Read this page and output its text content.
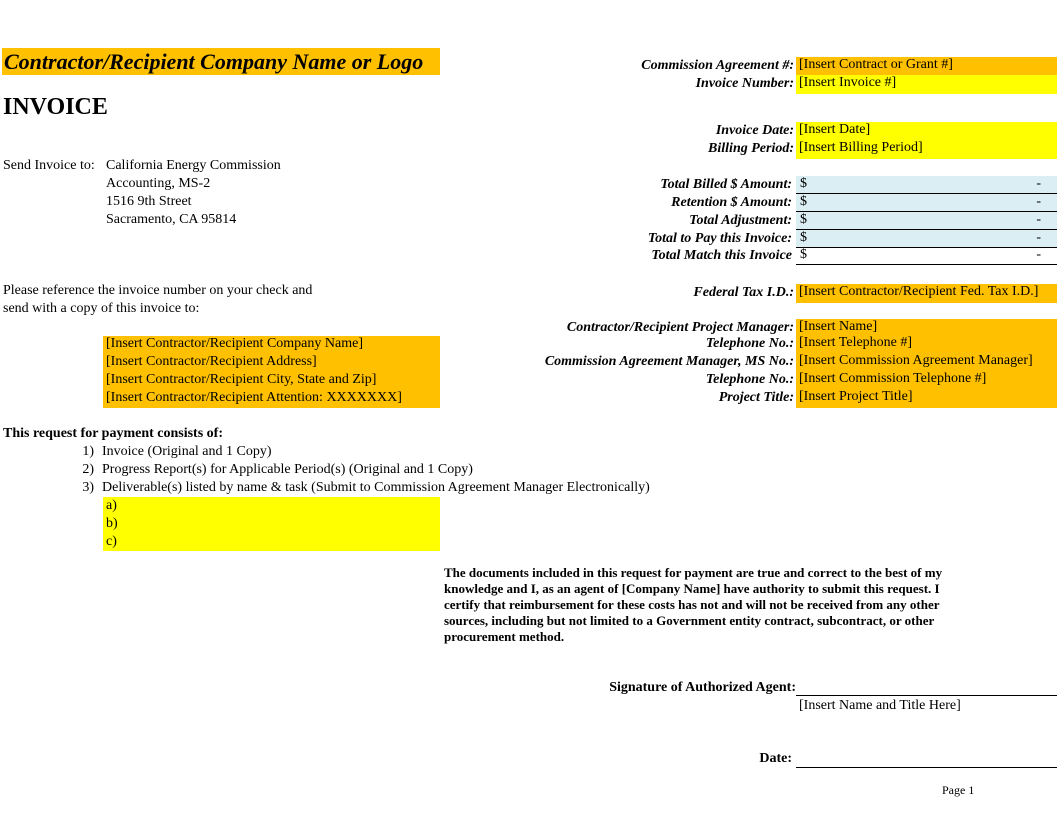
Contractor/Recipient Company Name or Logo
INVOICE
Send Invoice to: California Energy Commission
Accounting, MS-2
1516 9th Street
Sacramento, CA 95814
Please reference the invoice number on your check and
send with a copy of this invoice to:
[Insert Contractor/Recipient Company Name]
[Insert Contractor/Recipient Address]
[Insert Contractor/Recipient City, State and Zip]
[Insert Contractor/Recipient Attention: XXXXXXX]
Commission Agreement #: [Insert Contract or Grant #]
Invoice Number: [Insert Invoice #]
Invoice Date: [Insert Date]
Billing Period: [Insert Billing Period]
Total Billed $ Amount: $	-
Retention $ Amount: $	-
Total Adjustment: $	-
Total to Pay this Invoice: $	-
Total Match this Invoice $	-
Federal Tax I.D.: [Insert Contractor/Recipient Fed. Tax I.D.]
Contractor/Recipient Project Manager: [Insert Name]
Telephone No.: [Insert Telephone #]
Commission Agreement Manager, MS No.: [Insert Commission Agreement Manager]
Telephone No.: [Insert Commission Telephone #]
Project Title: [Insert Project Title]
This request for payment consists of:
1) Invoice (Original and 1 Copy)
2) Progress Report(s) for Applicable Period(s) (Original and 1 Copy)
3) Deliverable(s) listed by name & task (Submit to Commission Agreement Manager Electronically)
a)
b)
c)
The documents included in this request for payment are true and correct to the best of my
knowledge and I, as an agent of [Company Name] have authority to submit this request. I
certify that reimbursement for these costs has not and will not be received from any other
sources, including but not limited to a Government entity contract, subcontract, or other
procurement method.
Signature of Authorized Agent:
[Insert Name and Title Here]
Date:
Page 1
